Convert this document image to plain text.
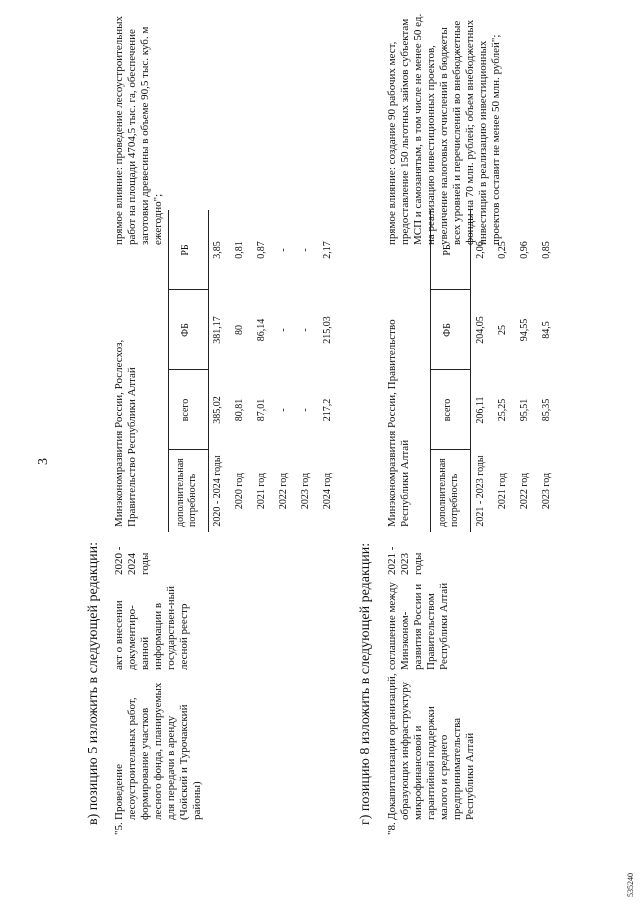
3
в) позицию 5 изложить в следующей редакции:
"5.
Проведение лесоустроительных работ, формирование участков лесного фонда, планируемых для передачи в аренду (Чойский и Турочакский районы)
акт о внесении документиро-ванной информации в государствен-ный лесной реестр
2020 - 2024 годы
Минэкономразвития России, Рослесхоз, Правительство Республики Алтай	дополнительная потребность
всего
ФБ
РБ
2020 - 2024 годы
385,02
381,17
3,85
2020 год
80,81
80
0,81
2021 год
87,01
86,14
0,87
2022 год
-
-
-
2023 год
-
-
-
2024 год
217,2
215,03
2,17
прямое влияние: проведение лесоустроительных работ на площади 4704,5 тыс. га, обеспечение заготовки древесины в объеме 90,5 тыс. куб. м ежегодно";
г) позицию 8 изложить в следующей редакции:
"8.
Докапитализация организаций, образующих инфраструктуру микрофинансовой и гарантийной поддержки малого и среднего предпринимательства Республики Алтай
соглашение между Минэконом-развития России и Правительством Республики Алтай
2021 - 2023 годы
Минэкономразвития России, Правительство Республики Алтай	дополнительная потребность
всего
ФБ
РБ
2021 - 2023 годы
206,11
204,05
2,06
2021 год
25,25
25
0,25
2022 год
95,51
94,55
0,96
2023 год
85,35
84,5
0,85
прямое влияние: создание 90 рабочих мест, предоставление 150 льготных займов субъектам МСП и самозанятым, в том числе не менее 50 ед. на реализацию инвестиционных проектов, увеличение налоговых отчислений в бюджеты всех уровней и перечислений во внебюджетные фонды на 70 млн. рублей; объем внебюджетных инвестиций в реализацию инвестиционных проектов составит не менее 50 млн. рублей";
535240
